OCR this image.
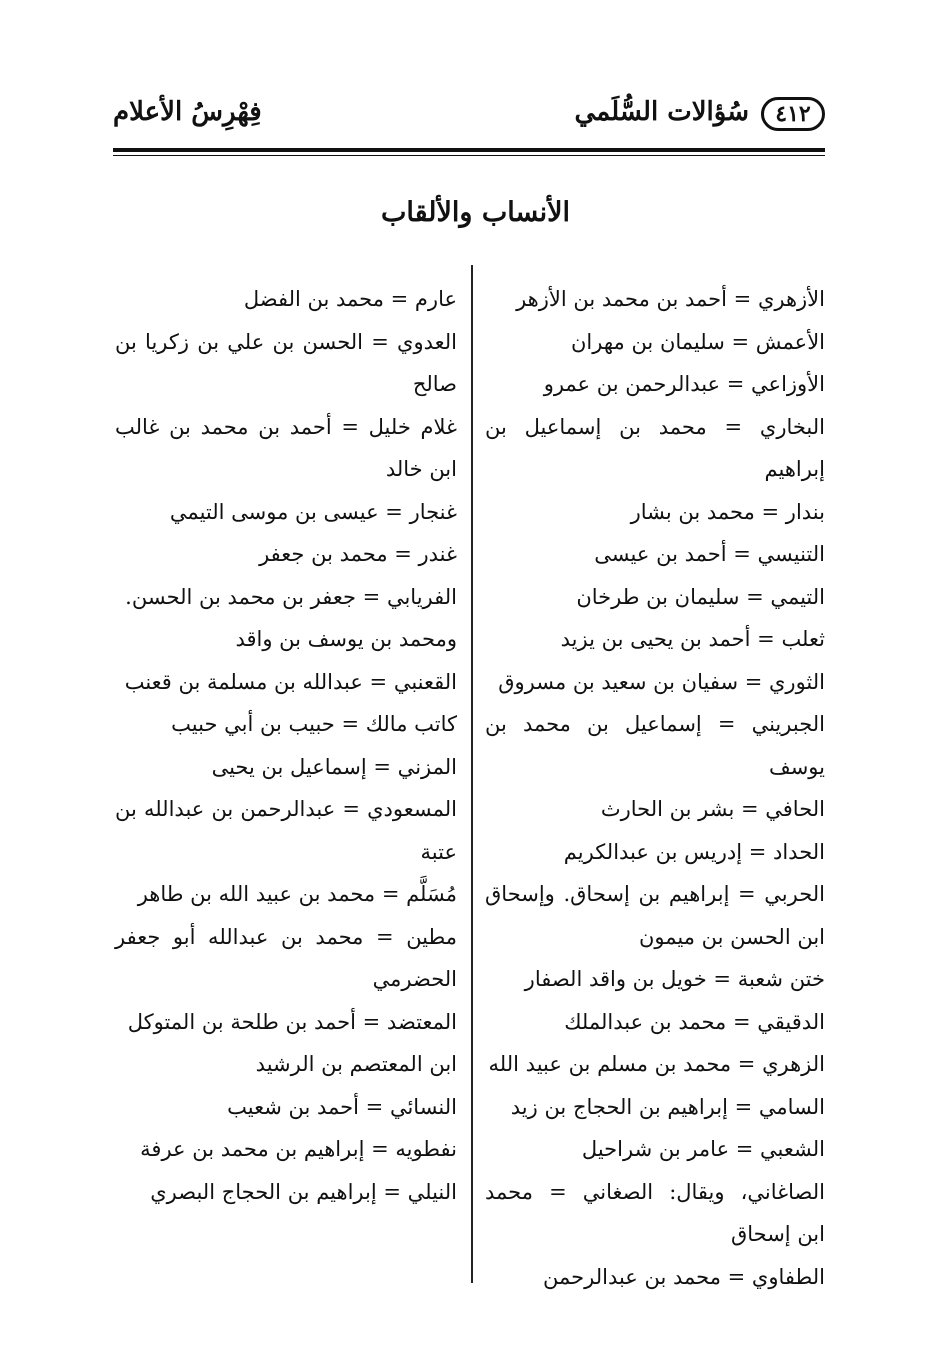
٤١٢
سُؤالات السُّلَمي
فِهْرِسُ الأعلام
الأنساب والألقاب
الأزهري = أحمد بن محمد بن الأزهر
الأعمش = سليمان بن مهران
الأوزاعي = عبدالرحمن بن عمرو
البخاري = محمد بن إسماعيل بن
إبراهيم
بندار = محمد بن بشار
التنيسي = أحمد بن عيسى
التيمي = سليمان بن طرخان
ثعلب = أحمد بن يحيى بن يزيد
الثوري = سفيان بن سعيد بن مسروق
الجبريني = إسماعيل بن محمد بن
يوسف
الحافي = بشر بن الحارث
الحداد = إدريس بن عبدالكريم
الحربي = إبراهيم بن إسحاق. وإسحاق
ابن الحسن بن ميمون
ختن شعبة = خويل بن واقد الصفار
الدقيقي = محمد بن عبدالملك
الزهري = محمد بن مسلم بن عبيد الله
السامي = إبراهيم بن الحجاج بن زيد
الشعبي = عامر بن شراحيل
الصاغاني، ويقال: الصغاني = محمد
ابن إسحاق
الطفاوي = محمد بن عبدالرحمن
عارم = محمد بن الفضل
العدوي = الحسن بن علي بن زكريا بن
صالح
غلام خليل = أحمد بن محمد بن غالب
ابن خالد
غنجار = عيسى بن موسى التيمي
غندر = محمد بن جعفر
الفريابي = جعفر بن محمد بن الحسن.
ومحمد بن يوسف بن واقد
القعنبي = عبدالله بن مسلمة بن قعنب
كاتب مالك = حبيب بن أبي حبيب
المزني = إسماعيل بن يحيى
المسعودي = عبدالرحمن بن عبدالله بن
عتبة
مُسَلَّم = محمد بن عبيد الله بن طاهر
مطين = محمد بن عبدالله أبو جعفر
الحضرمي
المعتضد = أحمد بن طلحة بن المتوكل
ابن المعتصم بن الرشيد
النسائي = أحمد بن شعيب
نفطويه = إبراهيم بن محمد بن عرفة
النيلي = إبراهيم بن الحجاج البصري
